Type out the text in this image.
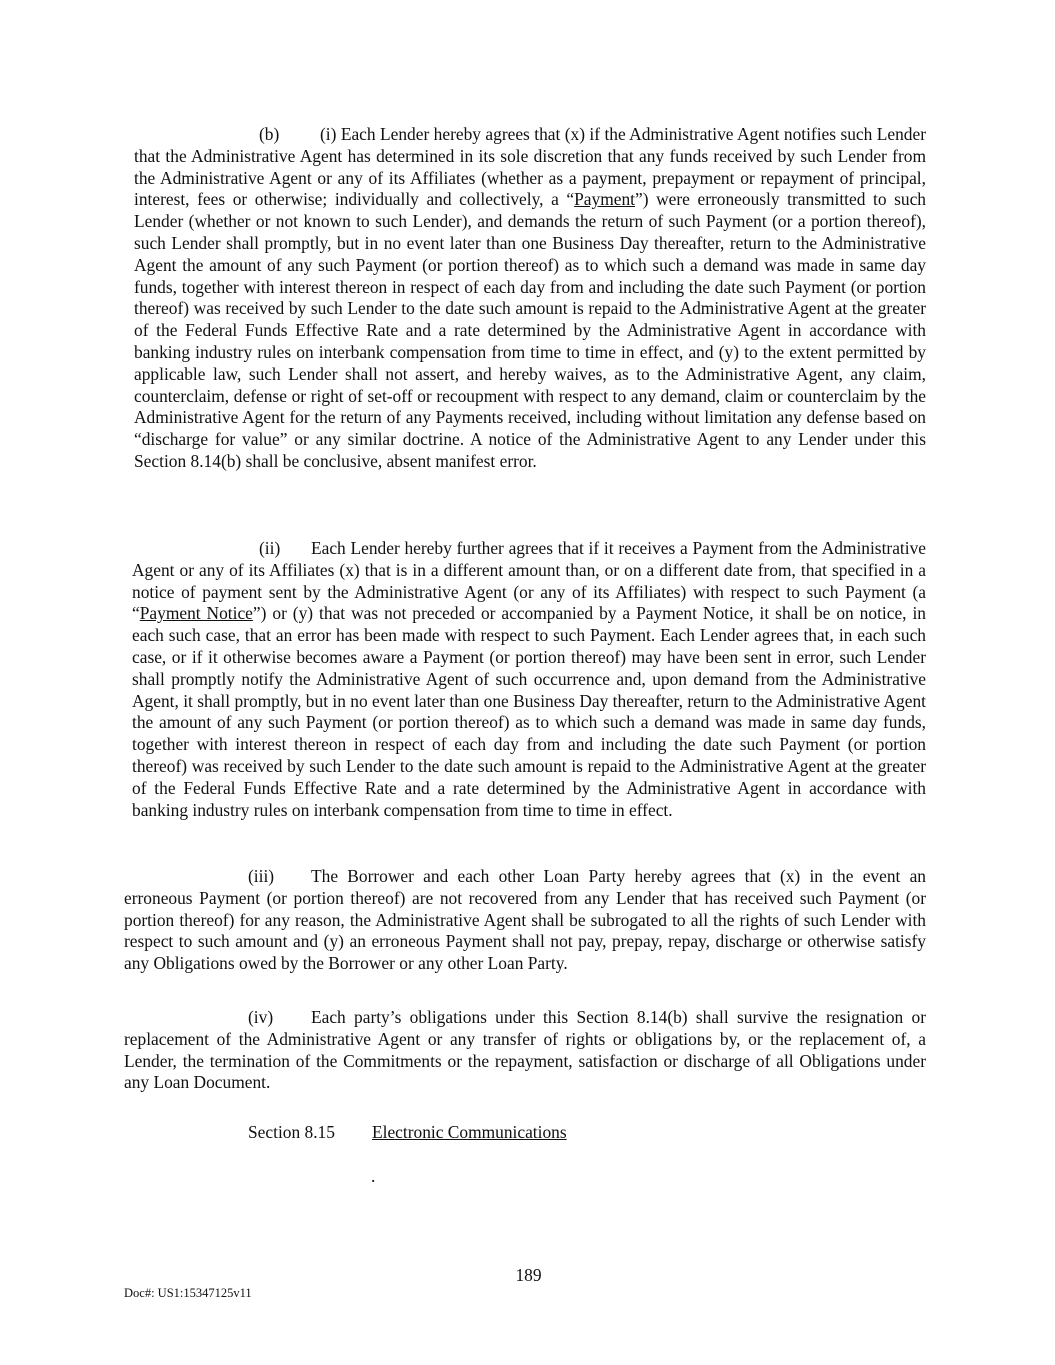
(b) (i) Each Lender hereby agrees that (x) if the Administrative Agent notifies such Lender that the Administrative Agent has determined in its sole discretion that any funds received by such Lender from the Administrative Agent or any of its Affiliates (whether as a payment, prepayment or repayment of principal, interest, fees or otherwise; individually and collectively, a “Payment”) were erroneously transmitted to such Lender (whether or not known to such Lender), and demands the return of such Payment (or a portion thereof), such Lender shall promptly, but in no event later than one Business Day thereafter, return to the Administrative Agent the amount of any such Payment (or portion thereof) as to which such a demand was made in same day funds, together with interest thereon in respect of each day from and including the date such Payment (or portion thereof) was received by such Lender to the date such amount is repaid to the Administrative Agent at the greater of the Federal Funds Effective Rate and a rate determined by the Administrative Agent in accordance with banking industry rules on interbank compensation from time to time in effect, and (y) to the extent permitted by applicable law, such Lender shall not assert, and hereby waives, as to the Administrative Agent, any claim, counterclaim, defense or right of set-off or recoupment with respect to any demand, claim or counterclaim by the Administrative Agent for the return of any Payments received, including without limitation any defense based on “discharge for value” or any similar doctrine. A notice of the Administrative Agent to any Lender under this Section 8.14(b) shall be conclusive, absent manifest error.

(ii) Each Lender hereby further agrees that if it receives a Payment from the Administrative Agent or any of its Affiliates (x) that is in a different amount than, or on a different date from, that specified in a notice of payment sent by the Administrative Agent (or any of its Affiliates) with respect to such Payment (a “Payment Notice”) or (y) that was not preceded or accompanied by a Payment Notice, it shall be on notice, in each such case, that an error has been made with respect to such Payment. Each Lender agrees that, in each such case, or if it otherwise becomes aware a Payment (or portion thereof) may have been sent in error, such Lender shall promptly notify the Administrative Agent of such occurrence and, upon demand from the Administrative Agent, it shall promptly, but in no event later than one Business Day thereafter, return to the Administrative Agent the amount of any such Payment (or portion thereof) as to which such a demand was made in same day funds, together with interest thereon in respect of each day from and including the date such Payment (or portion thereof) was received by such Lender to the date such amount is repaid to the Administrative Agent at the greater of the Federal Funds Effective Rate and a rate determined by the Administrative Agent in accordance with banking industry rules on interbank compensation from time to time in effect.

(iii) The Borrower and each other Loan Party hereby agrees that (x) in the event an erroneous Payment (or portion thereof) are not recovered from any Lender that has received such Payment (or portion thereof) for any reason, the Administrative Agent shall be subrogated to all the rights of such Lender with respect to such amount and (y) an erroneous Payment shall not pay, prepay, repay, discharge or otherwise satisfy any Obligations owed by the Borrower or any other Loan Party.

(iv) Each party’s obligations under this Section 8.14(b) shall survive the resignation or replacement of the Administrative Agent or any transfer of rights or obligations by, or the replacement of, a Lender, the termination of the Commitments or the repayment, satisfaction or discharge of all Obligations under any Loan Document.

Section 8.15 Electronic Communications
.
189
Doc#: US1:15347125v11
